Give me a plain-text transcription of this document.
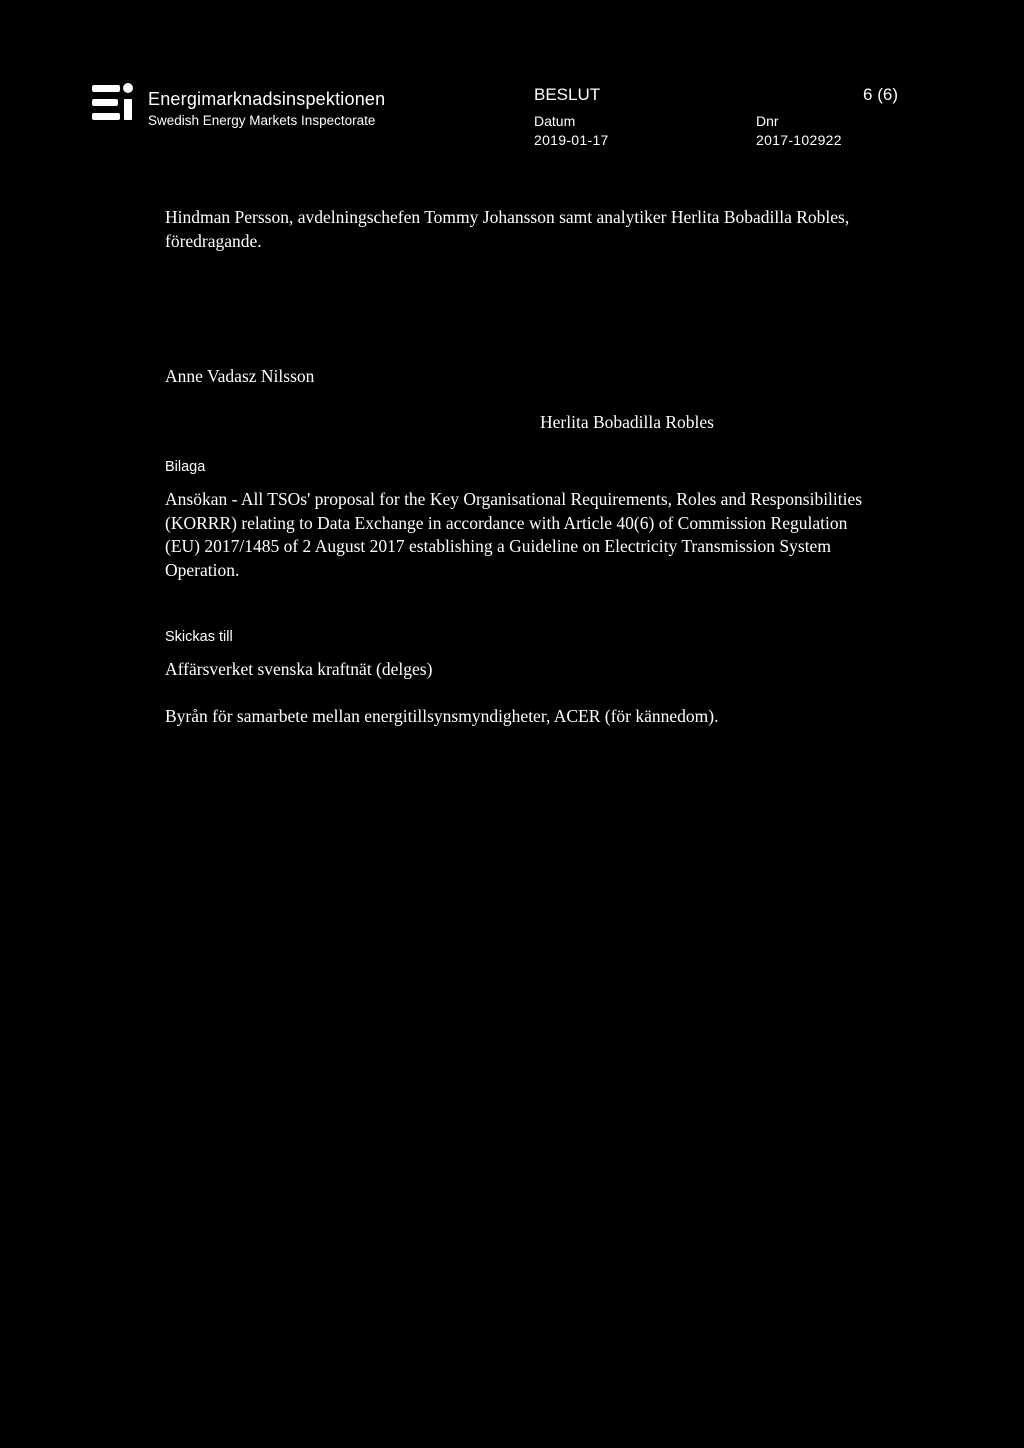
Energimarknadsinspektionen
Swedish Energy Markets Inspectorate
BESLUT	6 (6)
Datum
2019-01-17
Dnr
2017-102922
Hindman Persson, avdelningschefen Tommy Johansson samt analytiker Herlita Bobadilla Robles, föredragande.
Anne Vadasz Nilsson
Herlita Bobadilla Robles
Bilaga
Ansökan - All TSOs' proposal for the Key Organisational Requirements, Roles and Responsibilities (KORRR) relating to Data Exchange in accordance with Article 40(6) of Commission Regulation (EU) 2017/1485 of 2 August 2017 establishing a Guideline on Electricity Transmission System Operation.
Skickas till
Affärsverket svenska kraftnät (delges)
Byrån för samarbete mellan energitillsynsmyndigheter, ACER (för kännedom).
